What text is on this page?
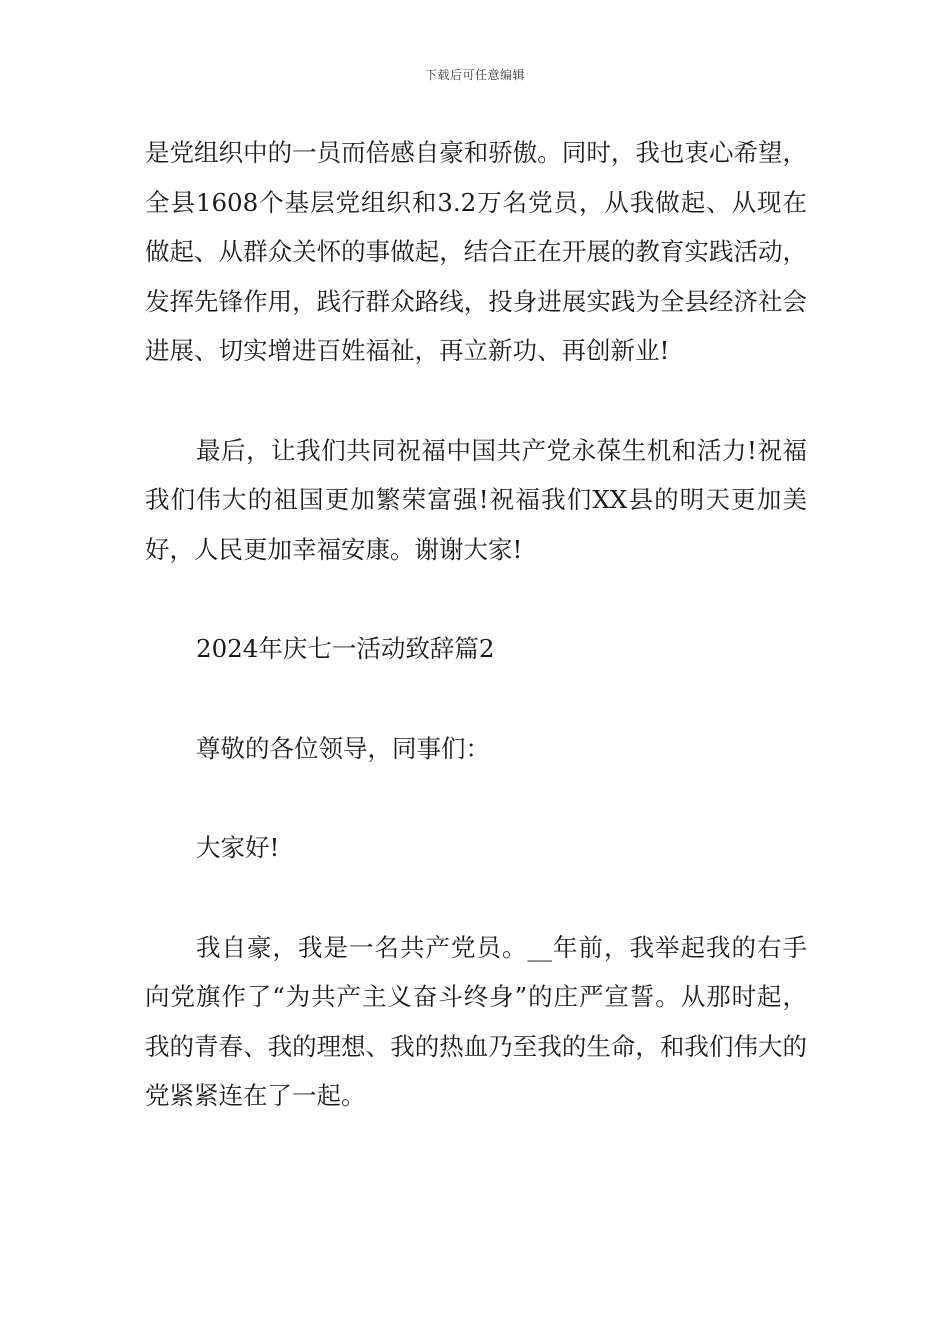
下载后可任意编辑

是党组织中的一员而倍感自豪和骄傲。同时，我也衷心希望，全县1608个基层党组织和3.2万名党员，从我做起、从现在做起、从群众关怀的事做起，结合正在开展的教育实践活动，发挥先锋作用，践行群众路线，投身进展实践为全县经济社会进展、切实增进百姓福祉，再立新功、再创新业!

最后，让我们共同祝福中国共产党永葆生机和活力!祝福我们伟大的祖国更加繁荣富强!祝福我们XX县的明天更加美好，人民更加幸福安康。谢谢大家!

2024年庆七一活动致辞篇2

尊敬的各位领导，同事们：

大家好!

我自豪，我是一名共产党员。__年前，我举起我的右手向党旗作了“为共产主义奋斗终身”的庄严宣誓。从那时起，我的青春、我的理想、我的热血乃至我的生命，和我们伟大的党紧紧连在了一起。
